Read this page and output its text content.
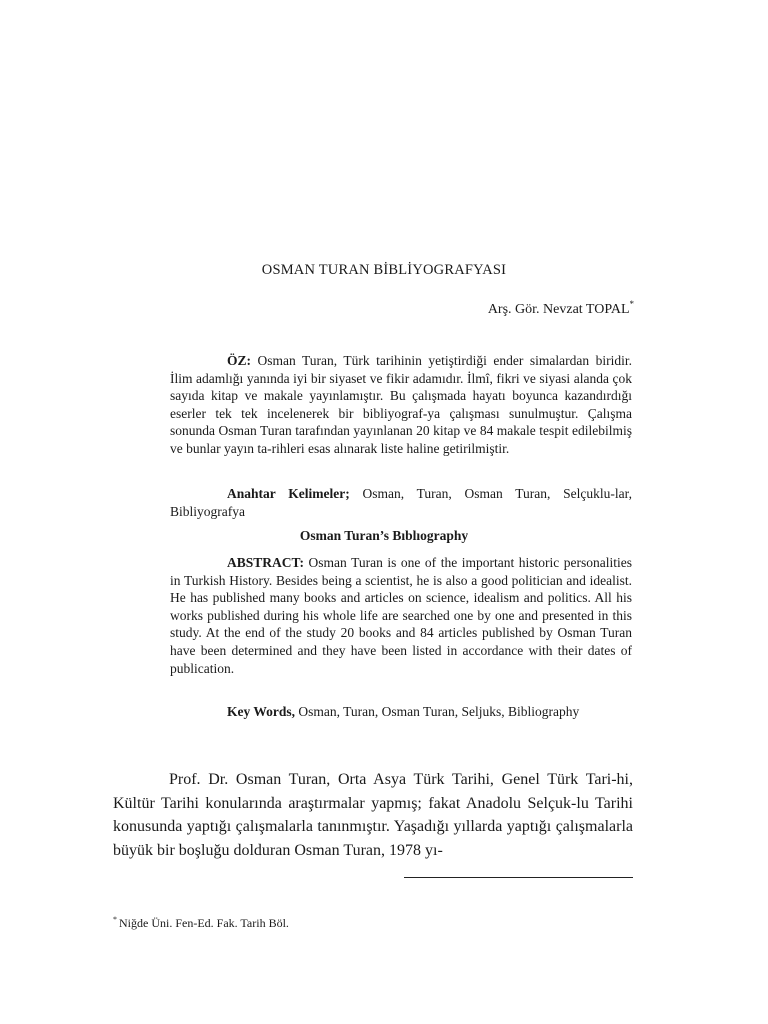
OSMAN TURAN BİBLİYOGRAFYASI
Arş. Gör. Nevzat TOPAL*
ÖZ: Osman Turan, Türk tarihinin yetiştirdiği ender simalardan biridir. İlim adamlığı yanında iyi bir siyaset ve fikir adamıdır. İlmî, fikri ve siyasi alanda çok sayıda kitap ve makale yayınlamıştır. Bu çalışmada hayatı boyunca kazandırdığı eserler tek tek incelenerek bir bibliyograf-ya çalışması sunulmuştur. Çalışma sonunda Osman Turan tarafından yayınlanan 20 kitap ve 84 makale tespit edilebilmiş ve bunlar yayın ta-rihleri esas alınarak liste haline getirilmiştir.
Anahtar Kelimeler; Osman, Turan, Osman Turan, Selçuklu-lar, Bibliyografya
Osman Turan’s Bıblıography
ABSTRACT: Osman Turan is one of the important historic personalities in Turkish History. Besides being a scientist, he is also a good politician and idealist. He has published many books and articles on science, idealism and politics. All his works published during his whole life are searched one by one and presented in this study. At the end of the study 20 books and 84 articles published by Osman Turan have been determined and they have been listed in accordance with their dates of publication.
Key Words, Osman, Turan, Osman Turan, Seljuks, Bibliography
Prof. Dr. Osman Turan, Orta Asya Türk Tarihi, Genel Türk Tari-hi, Kültür Tarihi konularında araştırmalar yapmış; fakat Anadolu Selçuk-lu Tarihi konusunda yaptığı çalışmalarla tanınmıştır. Yaşadığı yıllarda yaptığı çalışmalarla büyük bir boşluğu dolduran Osman Turan, 1978 yı-
* Niğde Üni. Fen-Ed. Fak. Tarih Böl.
